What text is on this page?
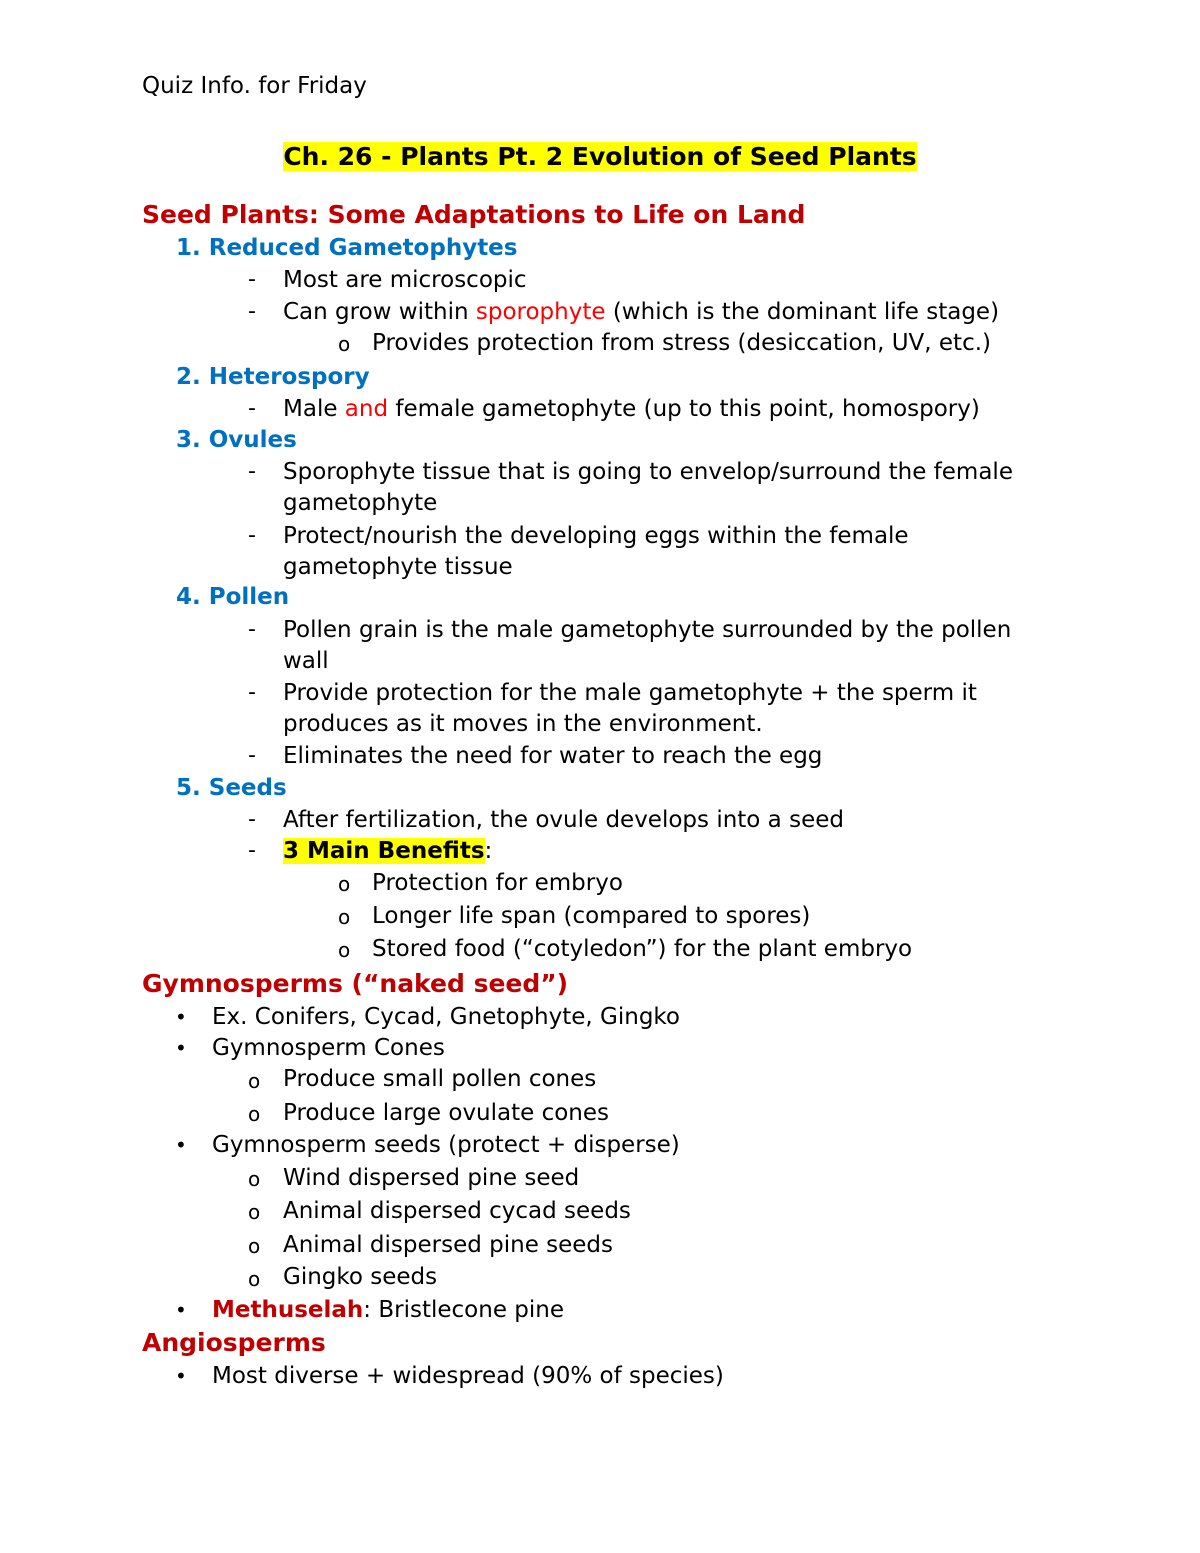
Quiz Info. for Friday
Ch. 26 - Plants Pt. 2 Evolution of Seed Plants
Seed Plants: Some Adaptations to Life on Land
1. Reduced Gametophytes
- Most are microscopic
- Can grow within sporophyte (which is the dominant life stage)
o Provides protection from stress (desiccation, UV, etc.)
2. Heterospory
- Male and female gametophyte (up to this point, homospory)
3. Ovules
- Sporophyte tissue that is going to envelop/surround the female
gametophyte
- Protect/nourish the developing eggs within the female
gametophyte tissue
4. Pollen
- Pollen grain is the male gametophyte surrounded by the pollen
wall
- Provide protection for the male gametophyte + the sperm it
produces as it moves in the environment.
- Eliminates the need for water to reach the egg
5. Seeds
- After fertilization, the ovule develops into a seed
- 3 Main Benefits:
o Protection for embryo
o Longer life span (compared to spores)
o Stored food (“cotyledon”) for the plant embryo
Gymnosperms (“naked seed”)
• Ex. Conifers, Cycad, Gnetophyte, Gingko
• Gymnosperm Cones
o Produce small pollen cones
o Produce large ovulate cones
• Gymnosperm seeds (protect + disperse)
o Wind dispersed pine seed
o Animal dispersed cycad seeds
o Animal dispersed pine seeds
o Gingko seeds
• Methuselah: Bristlecone pine
Angiosperms
• Most diverse + widespread (90% of species)
